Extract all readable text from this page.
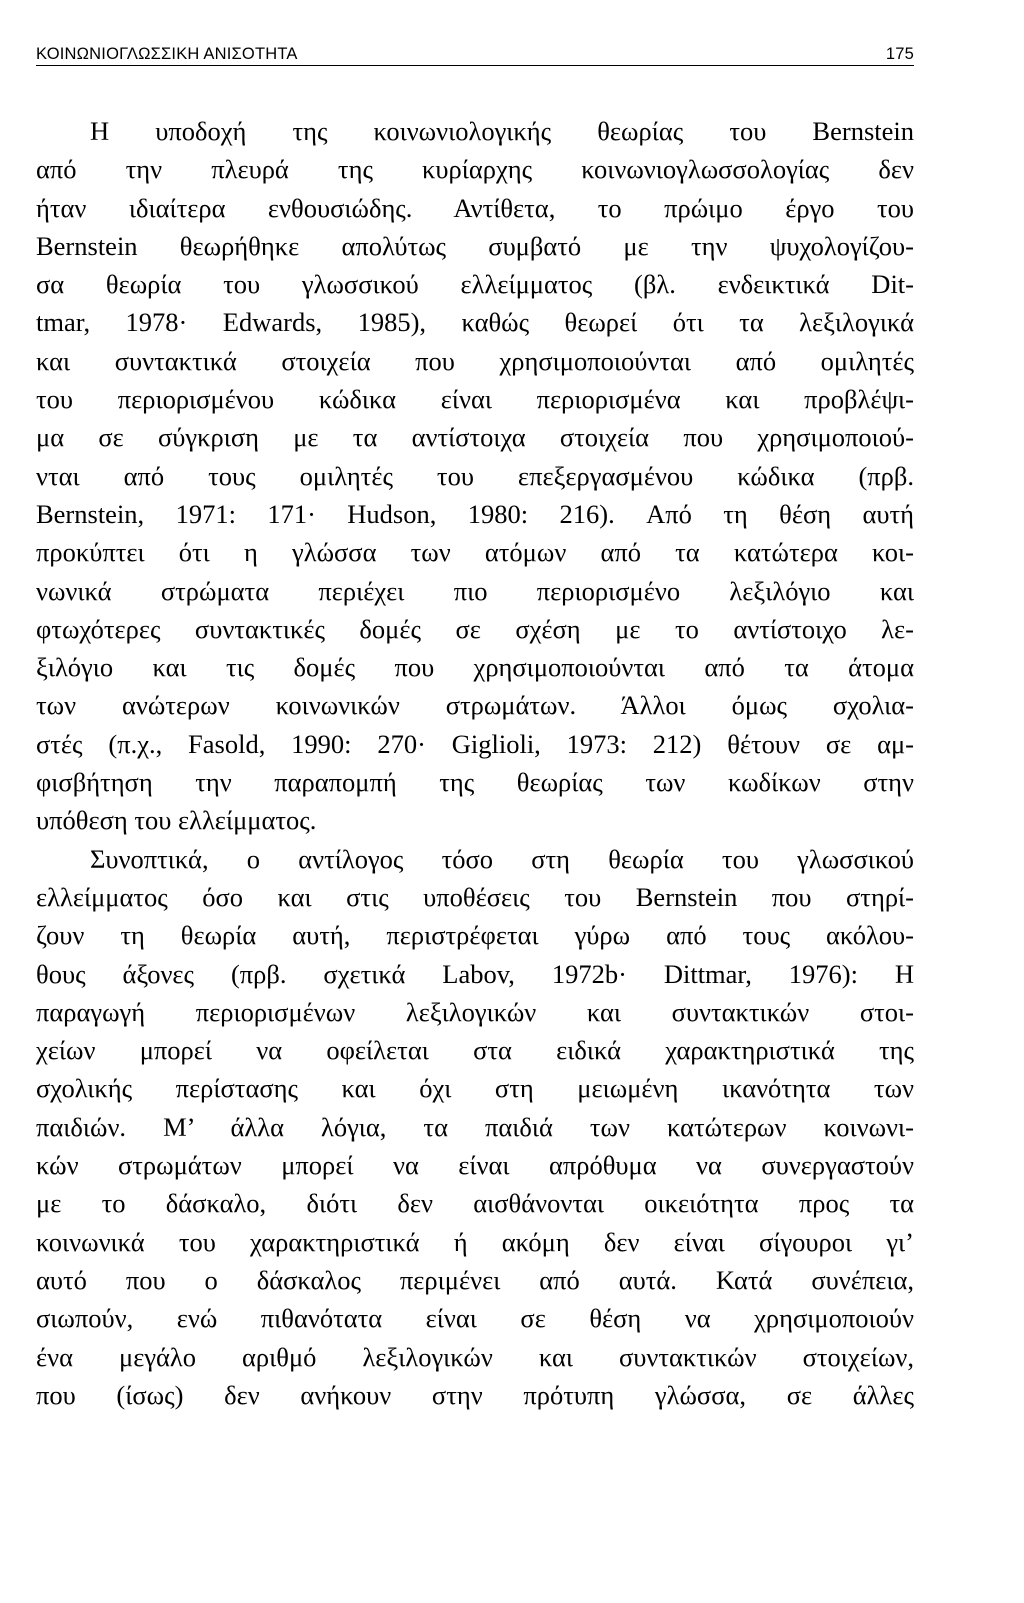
ΚΟΙΝΩΝΙΟΓΛΩΣΣΙΚΗ ΑΝΙΣΟΤΗΤΑ	175
Η υποδοχή της κοινωνιολογικής θεωρίας του Bernstein
από την πλευρά της κυρίαρχης κοινωνιογλωσσολογίας δεν
ήταν ιδιαίτερα ενθουσιώδης. Αντίθετα, το πρώιμο έργο του
Bernstein θεωρήθηκε απολύτως συμβατό με την ψυχολογίζου-
σα θεωρία του γλωσσικού ελλείμματος (βλ. ενδεικτικά Dit-
tmar, 1978· Edwards, 1985), καθώς θεωρεί ότι τα λεξιλογικά
και συντακτικά στοιχεία που χρησιμοποιούνται από ομιλητές
του περιορισμένου κώδικα είναι περιορισμένα και προβλέψι-
μα σε σύγκριση με τα αντίστοιχα στοιχεία που χρησιμοποιού-
νται από τους ομιλητές του επεξεργασμένου κώδικα (πρβ.
Bernstein, 1971: 171· Hudson, 1980: 216). Από τη θέση αυτή
προκύπτει ότι η γλώσσα των ατόμων από τα κατώτερα κοι-
νωνικά στρώματα περιέχει πιο περιορισμένο λεξιλόγιο και
φτωχότερες συντακτικές δομές σε σχέση με το αντίστοιχο λε-
ξιλόγιο και τις δομές που χρησιμοποιούνται από τα άτομα
των ανώτερων κοινωνικών στρωμάτων. Άλλοι όμως σχολια-
στές (π.χ., Fasold, 1990: 270· Giglioli, 1973: 212) θέτουν σε αμ-
φισβήτηση την παραπομπή της θεωρίας των κωδίκων στην
υπόθεση του ελλείμματος.
Συνοπτικά, ο αντίλογος τόσο στη θεωρία του γλωσσικού
ελλείμματος όσο και στις υποθέσεις του Bernstein που στηρί-
ζουν τη θεωρία αυτή, περιστρέφεται γύρω από τους ακόλου-
θους άξονες (πρβ. σχετικά Labov, 1972b· Dittmar, 1976): Η
παραγωγή περιορισμένων λεξιλογικών και συντακτικών στοι-
χείων μπορεί να οφείλεται στα ειδικά χαρακτηριστικά της
σχολικής περίστασης και όχι στη μειωμένη ικανότητα των
παιδιών. Μ’ άλλα λόγια, τα παιδιά των κατώτερων κοινωνι-
κών στρωμάτων μπορεί να είναι απρόθυμα να συνεργαστούν
με το δάσκαλο, διότι δεν αισθάνονται οικειότητα προς τα
κοινωνικά του χαρακτηριστικά ή ακόμη δεν είναι σίγουροι γι’
αυτό που ο δάσκαλος περιμένει από αυτά. Κατά συνέπεια,
σιωπούν, ενώ πιθανότατα είναι σε θέση να χρησιμοποιούν
ένα μεγάλο αριθμό λεξιλογικών και συντακτικών στοιχείων,
που (ίσως) δεν ανήκουν στην πρότυπη γλώσσα, σε άλλες
